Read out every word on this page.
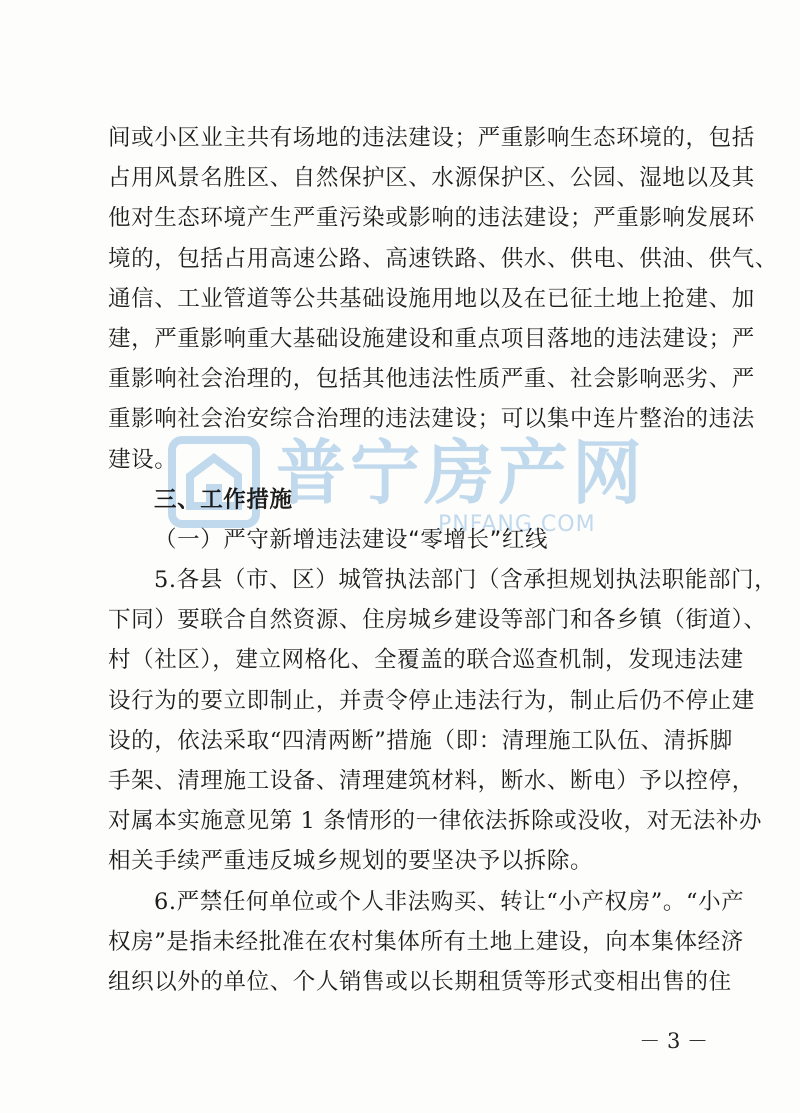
普宁房产网
PNFANG.COM
间或小区业主共有场地的违法建设；严重影响生态环境的，包括
占用风景名胜区、自然保护区、水源保护区、公园、湿地以及其
他对生态环境产生严重污染或影响的违法建设；严重影响发展环
境的，包括占用高速公路、高速铁路、供水、供电、供油、供气、
通信、工业管道等公共基础设施用地以及在已征土地上抢建、加
建，严重影响重大基础设施建设和重点项目落地的违法建设；严
重影响社会治理的，包括其他违法性质严重、社会影响恶劣、严
重影响社会治安综合治理的违法建设；可以集中连片整治的违法
建设。
三、工作措施
（一）严守新增违法建设“零增长”红线
5.各县（市、区）城管执法部门（含承担规划执法职能部门，
下同）要联合自然资源、住房城乡建设等部门和各乡镇（街道）、
村（社区），建立网格化、全覆盖的联合巡查机制，发现违法建
设行为的要立即制止，并责令停止违法行为，制止后仍不停止建
设的，依法采取“四清两断”措施（即：清理施工队伍、清拆脚
手架、清理施工设备、清理建筑材料，断水、断电）予以控停，
对属本实施意见第 1 条情形的一律依法拆除或没收，对无法补办
相关手续严重违反城乡规划的要坚决予以拆除。
6.严禁任何单位或个人非法购买、转让“小产权房”。“小产
权房”是指未经批准在农村集体所有土地上建设，向本集体经济
组织以外的单位、个人销售或以长期租赁等形式变相出售的住
－ 3 －
